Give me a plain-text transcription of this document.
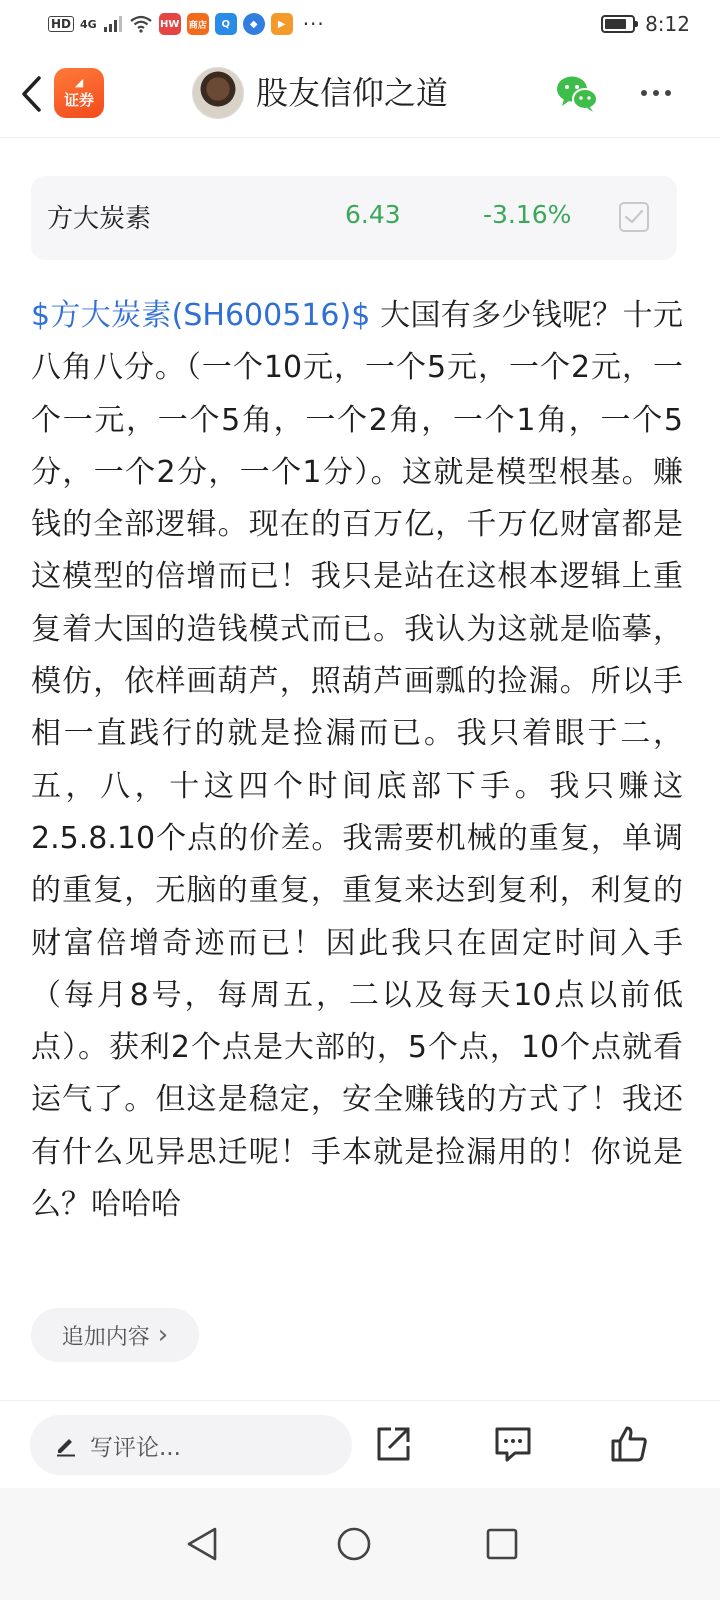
HD 4G	HW 商店	Q	◆	▶ ···	8:12
◢
证券	股友信仰之道
方大炭素	6.43	-3.16%
$方大炭素(SH600516)$ 大国有多少钱呢？十元八角八分。（一个10元，一个5元，一个2元，一个一元，一个5角，一个2角，一个1角，一个5分，一个2分，一个1分）。这就是模型根基。赚钱的全部逻辑。现在的百万亿，千万亿财富都是这模型的倍增而已！我只是站在这根本逻辑上重复着大国的造钱模式而已。我认为这就是临摹，模仿，依样画葫芦，照葫芦画瓢的捡漏。所以手相一直践行的就是捡漏而已。我只着眼于二，五，八，十这四个时间底部下手。我只赚这2.5.8.10个点的价差。我需要机械的重复，单调的重复，无脑的重复，重复来达到复利，利复的财富倍增奇迹而已！因此我只在固定时间入手（每月8号，每周五，二以及每天10点以前低点）。获利2个点是大部的，5个点，10个点就看运气了。但这是稳定，安全赚钱的方式了！我还有什么见异思迁呢！手本就是捡漏用的！你说是么？哈哈哈
追加内容 ›
写评论...
